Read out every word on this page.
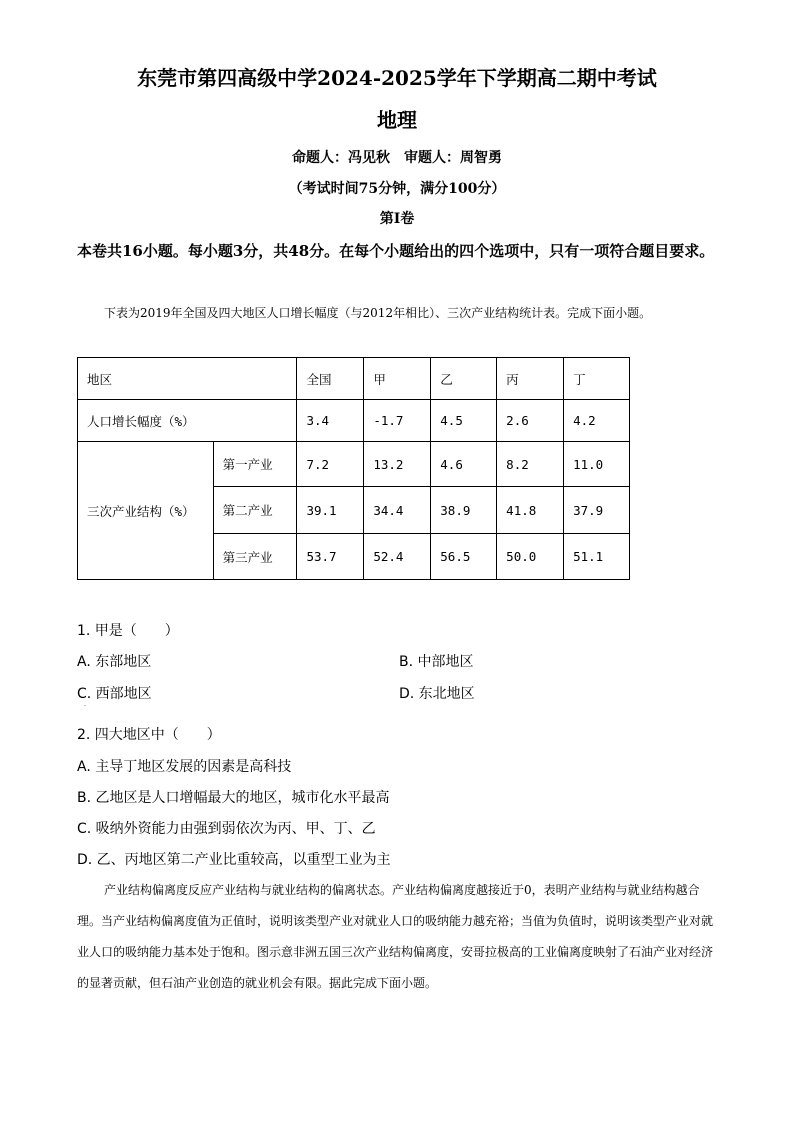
东莞市第四高级中学2024-2025学年下学期高二期中考试
地理
命题人：冯见秋　审题人：周智勇
（考试时间75分钟，满分100分）
第Ⅰ卷
本卷共16小题。每小题3分，共48分。在每个小题给出的四个选项中，只有一项符合题目要求。
下表为2019年全国及四大地区人口增长幅度（与2012年相比）、三次产业结构统计表。完成下面小题。
地区		全国	甲	乙	丙	丁
人口增长幅度（%）		3.4	-1.7	4.5	2.6	4.2
三次产业结构（%）	第一产业	7.2	13.2	4.6	8.2	11.0
	第二产业	39.1	34.4	38.9	41.8	37.9
	第三产业	53.7	52.4	56.5	50.0	51.1
1. 甲是（　　）
A. 东部地区	B. 中部地区
C. 西部地区	D. 东北地区
·
2. 四大地区中（　　）
A. 主导丁地区发展的因素是高科技
B. 乙地区是人口增幅最大的地区，城市化水平最高
C. 吸纳外资能力由强到弱依次为丙、甲、丁、乙
D. 乙、丙地区第二产业比重较高，以重型工业为主
产业结构偏离度反应产业结构与就业结构的偏离状态。产业结构偏离度越接近于0，表明产业结构与就业结构越合理。当产业结构偏离度值为正值时，说明该类型产业对就业人口的吸纳能力越充裕；当值为负值时，说明该类型产业对就业人口的吸纳能力基本处于饱和。图示意非洲五国三次产业结构偏离度，安哥拉极高的工业偏离度映射了石油产业对经济的显著贡献，但石油产业创造的就业机会有限。据此完成下面小题。
